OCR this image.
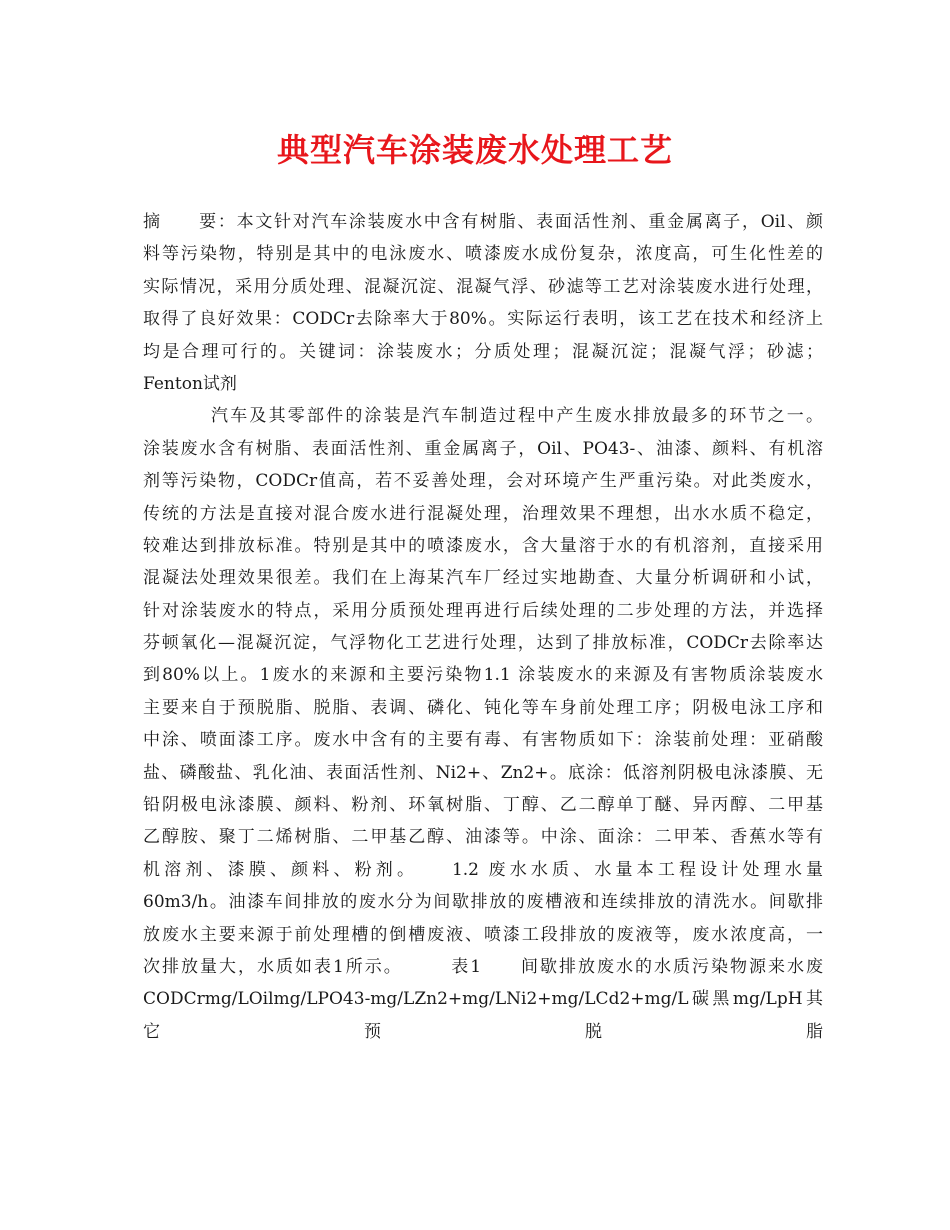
典型汽车涂装废水处理工艺
摘　　要：本文针对汽车涂装废水中含有树脂、表面活性剂、重金属离子，Oil、颜
料等污染物，特别是其中的电泳废水、喷漆废水成份复杂，浓度高，可生化性差的
实际情况，采用分质处理、混凝沉淀、混凝气浮、砂滤等工艺对涂装废水进行处理，
取得了良好效果：CODCr去除率大于80%。实际运行表明，该工艺在技术和经济上
均是合理可行的。关键词：涂装废水；分质处理；混凝沉淀；混凝气浮；砂滤；
Fenton试剂
汽车及其零部件的涂装是汽车制造过程中产生废水排放最多的环节之一。
涂装废水含有树脂、表面活性剂、重金属离子，Oil、PO43-、油漆、颜料、有机溶
剂等污染物，CODCr值高，若不妥善处理，会对环境产生严重污染。对此类废水，
传统的方法是直接对混合废水进行混凝处理，治理效果不理想，出水水质不稳定，
较难达到排放标准。特别是其中的喷漆废水，含大量溶于水的有机溶剂，直接采用
混凝法处理效果很差。我们在上海某汽车厂经过实地勘查、大量分析调研和小试，
针对涂装废水的特点，采用分质预处理再进行后续处理的二步处理的方法，并选择
芬顿氧化—混凝沉淀，气浮物化工艺进行处理，达到了排放标准，CODCr去除率达
到80%以上。1废水的来源和主要污染物1.1 涂装废水的来源及有害物质涂装废水
主要来自于预脱脂、脱脂、表调、磷化、钝化等车身前处理工序；阴极电泳工序和
中涂、喷面漆工序。废水中含有的主要有毒、有害物质如下：涂装前处理：亚硝酸
盐、磷酸盐、乳化油、表面活性剂、Ni2+、Zn2+。底涂：低溶剂阴极电泳漆膜、无
铅阴极电泳漆膜、颜料、粉剂、环氧树脂、丁醇、乙二醇单丁醚、异丙醇、二甲基
乙醇胺、聚丁二烯树脂、二甲基乙醇、油漆等。中涂、面涂：二甲苯、香蕉水等有
机溶剂、漆膜、颜料、粉剂。　　1.2 废水水质、水量本工程设计处理水量
60m3/h。油漆车间排放的废水分为间歇排放的废槽液和连续排放的清洗水。间歇排
放废水主要来源于前处理槽的倒槽废液、喷漆工段排放的废液等，废水浓度高，一
次排放量大，水质如表1所示。　　　表1　　间歇排放废水的水质污染物源来水废
CODCrmg/LOilmg/LPO43-mg/LZn2+mg/LNi2+mg/LCd2+mg/L碳黑mg/LpH其它预脱脂
